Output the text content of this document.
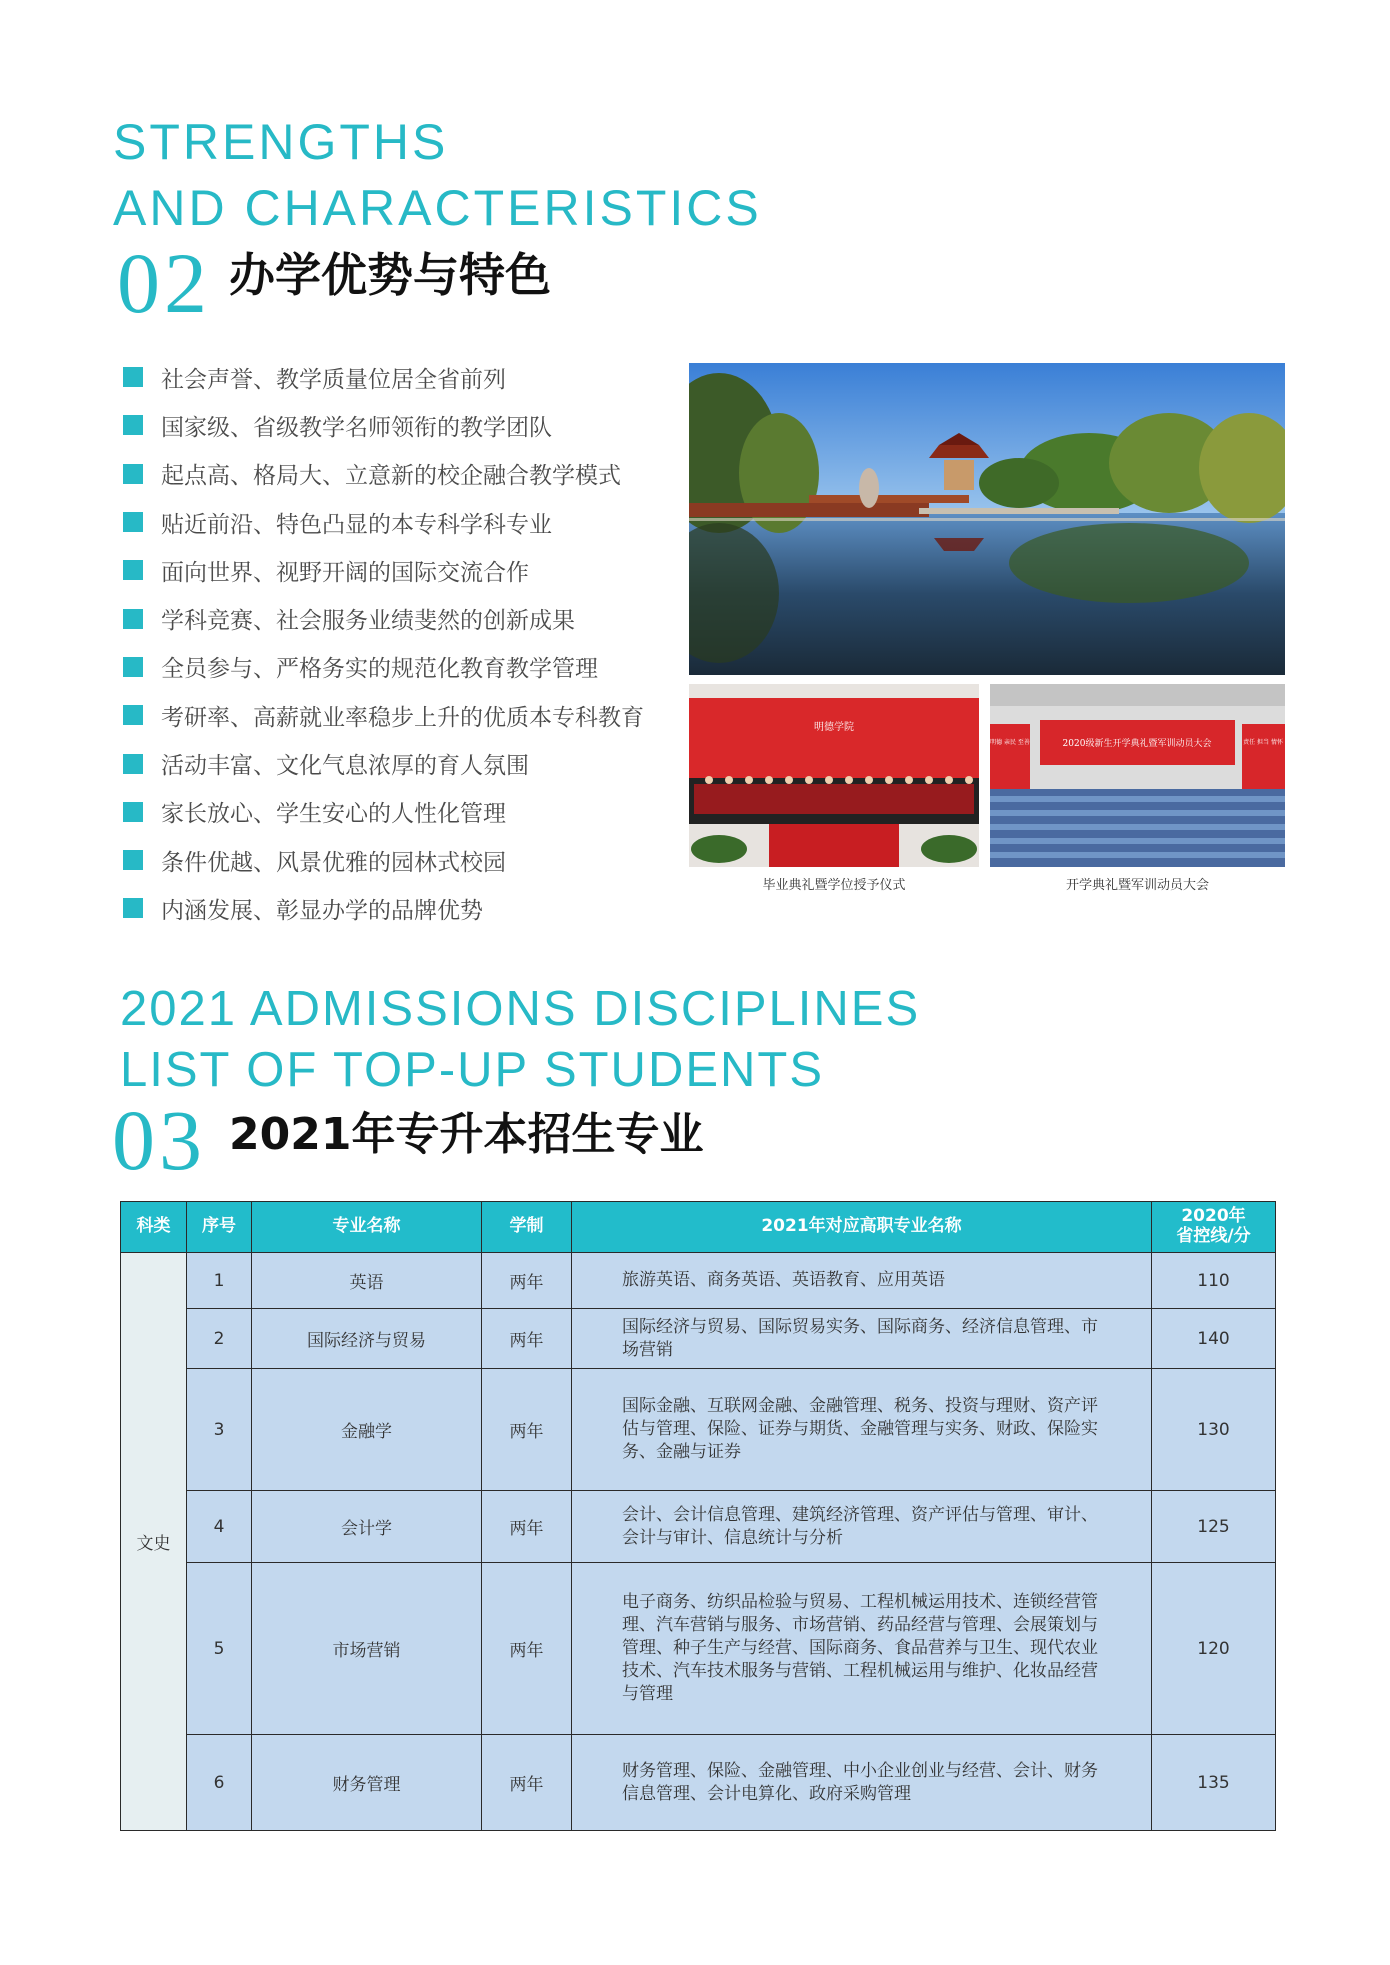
STRENGTHS
AND CHARACTERISTICS
02 办学优势与特色
社会声誉、教学质量位居全省前列
国家级、省级教学名师领衔的教学团队
起点高、格局大、立意新的校企融合教学模式
贴近前沿、特色凸显的本专科学科专业
面向世界、视野开阔的国际交流合作
学科竞赛、社会服务业绩斐然的创新成果
全员参与、严格务实的规范化教育教学管理
考研率、高薪就业率稳步上升的优质本专科教育
活动丰富、文化气息浓厚的育人氛围
家长放心、学生安心的人性化管理
条件优越、风景优雅的园林式校园
内涵发展、彰显办学的品牌优势
明德学院
2020级新生开学典礼暨军训动员大会
明德 亲民 至善	责任 担当 情怀
毕业典礼暨学位授予仪式	开学典礼暨军训动员大会
2021 ADMISSIONS DISCIPLINES
LIST OF TOP-UP STUDENTS
03 2021年专升本招生专业
科类	序号	专业名称	学制	2021年对应高职专业名称	2020年
省控线/分

文史	1	英语	两年	旅游英语、商务英语、英语教育、应用英语	110
	2	国际经济与贸易	两年	国际经济与贸易、国际贸易实务、国际商务、经济信息管理、市场营销	140
	3	金融学	两年	国际金融、互联网金融、金融管理、税务、投资与理财、资产评估与管理、保险、证券与期货、金融管理与实务、财政、保险实务、金融与证券	130
	4	会计学	两年	会计、会计信息管理、建筑经济管理、资产评估与管理、审计、会计与审计、信息统计与分析	125
	5	市场营销	两年	电子商务、纺织品检验与贸易、工程机械运用技术、连锁经营管理、汽车营销与服务、市场营销、药品经营与管理、会展策划与管理、种子生产与经营、国际商务、食品营养与卫生、现代农业技术、汽车技术服务与营销、工程机械运用与维护、化妆品经营与管理	120
	6	财务管理	两年	财务管理、保险、金融管理、中小企业创业与经营、会计、财务信息管理、会计电算化、政府采购管理	135
